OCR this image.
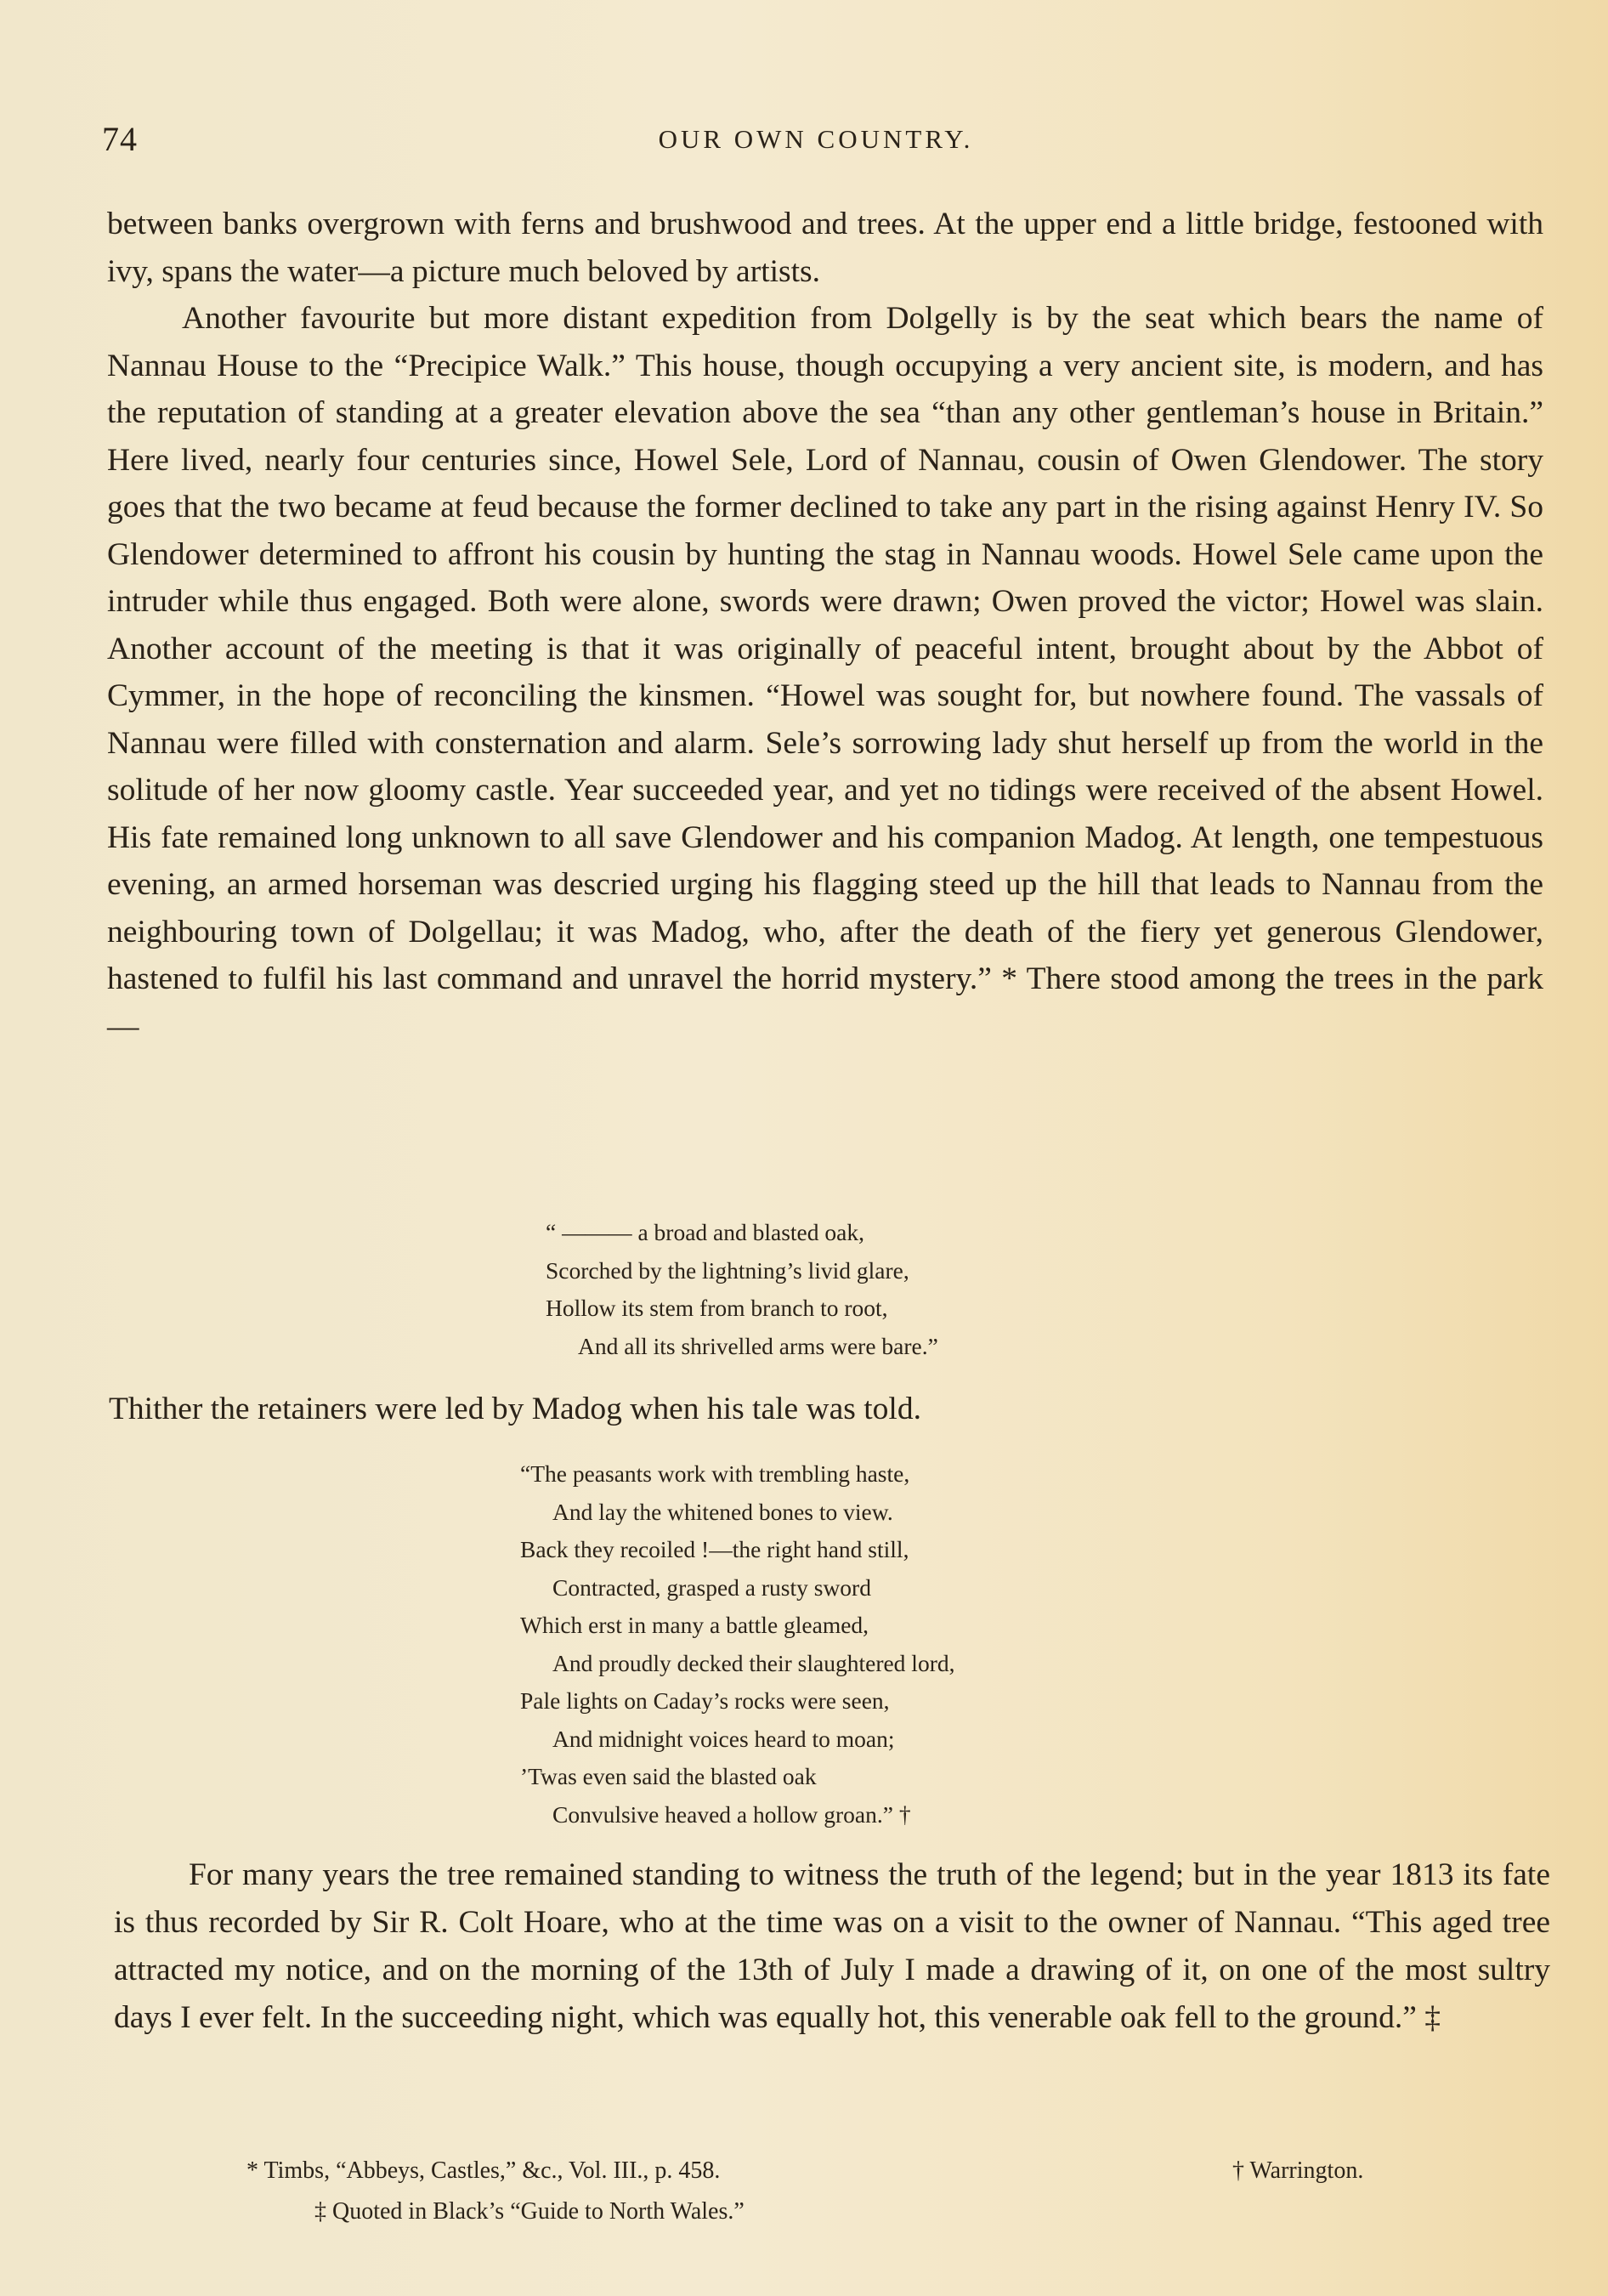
74	OUR OWN COUNTRY.

between banks overgrown with ferns and brushwood and trees. At the upper end a little bridge, festooned with ivy, spans the water—a picture much beloved by artists.

Another favourite but more distant expedition from Dolgelly is by the seat which bears the name of Nannau House to the “Precipice Walk.” This house, though occupying a very ancient site, is modern, and has the reputation of standing at a greater elevation above the sea “than any other gentleman’s house in Britain.” Here lived, nearly four centuries since, Howel Sele, Lord of Nannau, cousin of Owen Glendower. The story goes that the two became at feud because the former declined to take any part in the rising against Henry IV. So Glendower determined to affront his cousin by hunting the stag in Nannau woods. Howel Sele came upon the intruder while thus engaged. Both were alone, swords were drawn; Owen proved the victor; Howel was slain. Another account of the meeting is that it was originally of peaceful intent, brought about by the Abbot of Cymmer, in the hope of reconciling the kinsmen. “Howel was sought for, but nowhere found. The vassals of Nannau were filled with consternation and alarm. Sele’s sorrowing lady shut herself up from the world in the solitude of her now gloomy castle. Year succeeded year, and yet no tidings were received of the absent Howel. His fate remained long unknown to all save Glendower and his companion Madog. At length, one tempestuous evening, an armed horseman was descried urging his flagging steed up the hill that leads to Nannau from the neighbouring town of Dolgellau; it was Madog, who, after the death of the fiery yet generous Glendower, hastened to fulfil his last command and unravel the horrid mystery.” * There stood among the trees in the park—

“ ——— a broad and blasted oak,
Scorched by the lightning’s livid glare,
Hollow its stem from branch to root,
And all its shrivelled arms were bare.”
Thither the retainers were led by Madog when his tale was told.
“The peasants work with trembling haste,
And lay the whitened bones to view.
Back they recoiled !—the right hand still,
Contracted, grasped a rusty sword
Which erst in many a battle gleamed,
And proudly decked their slaughtered lord,
Pale lights on Caday’s rocks were seen,
And midnight voices heard to moan;
’Twas even said the blasted oak
Convulsive heaved a hollow groan.” †
For many years the tree remained standing to witness the truth of the legend; but in the year 1813 its fate is thus recorded by Sir R. Colt Hoare, who at the time was on a visit to the owner of Nannau. “This aged tree attracted my notice, and on the morning of the 13th of July I made a drawing of it, on one of the most sultry days I ever felt. In the succeeding night, which was equally hot, this venerable oak fell to the ground.” ‡
* Timbs, “Abbeys, Castles,” &c., Vol. III., p. 458.	† Warrington.
‡ Quoted in Black’s “Guide to North Wales.”
